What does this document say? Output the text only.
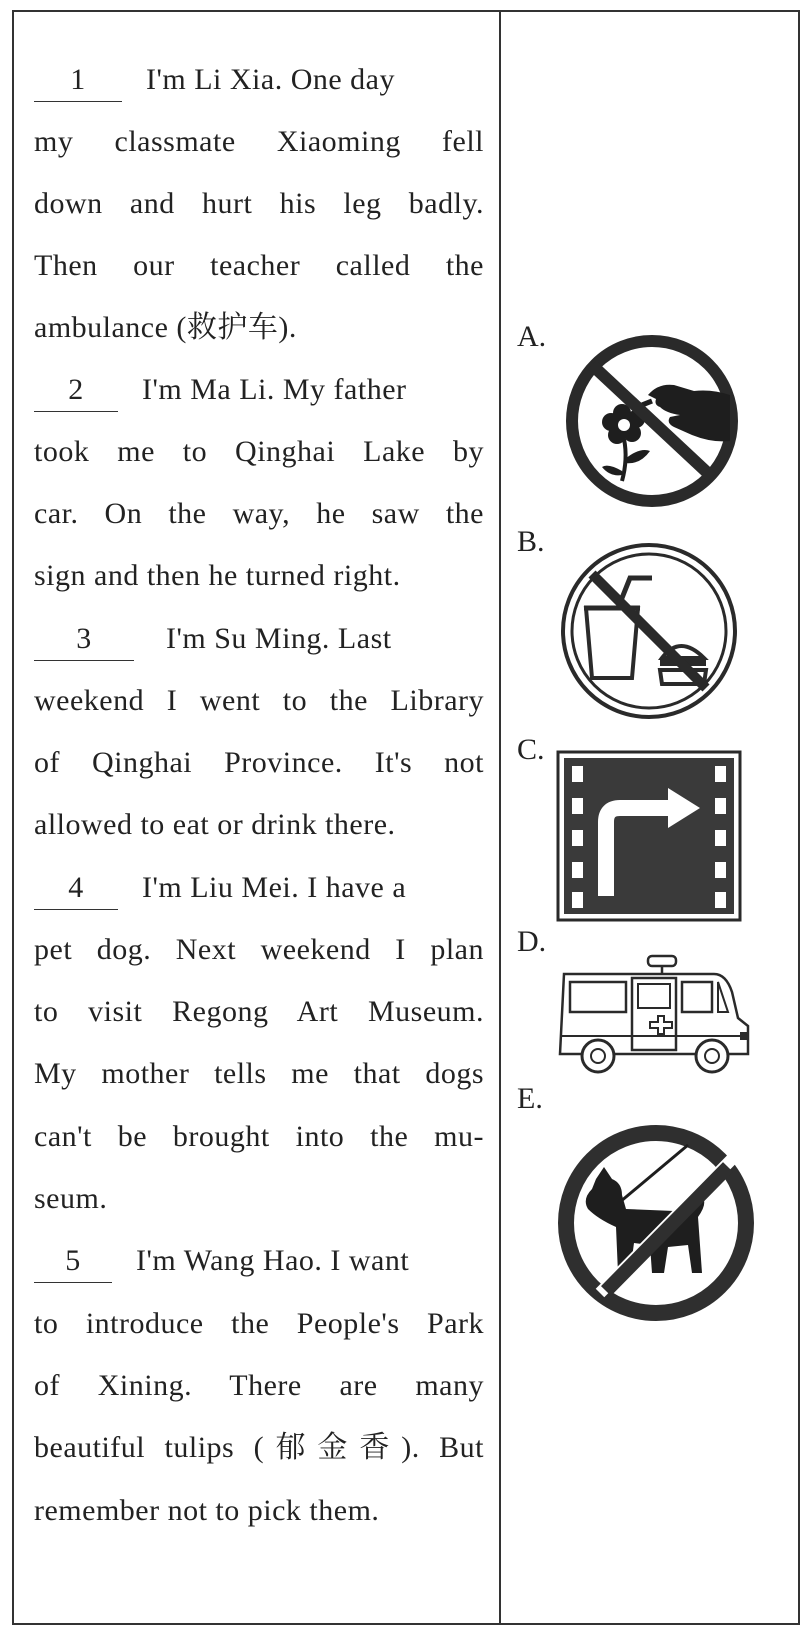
1 I'm Li Xia. One day
my classmate Xiaoming fell
down and hurt his leg badly.
Then our teacher called the
ambulance (救护车).
2 I'm Ma Li. My father
took me to Qinghai Lake by
car. On the way, he saw the
sign and then he turned right.
3 I'm Su Ming. Last
weekend I went to the Library
of Qinghai Province. It's not
allowed to eat or drink there.
4 I'm Liu Mei. I have a
pet dog. Next weekend I plan
to visit Regong Art Museum.
My mother tells me that dogs
can't be brought into the mu-
seum.
5 I'm Wang Hao. I want
to introduce the People's Park
of Xining. There are many
beautiful tulips (郁金香). But
remember not to pick them.
A.
B.
C.
D.
E.
